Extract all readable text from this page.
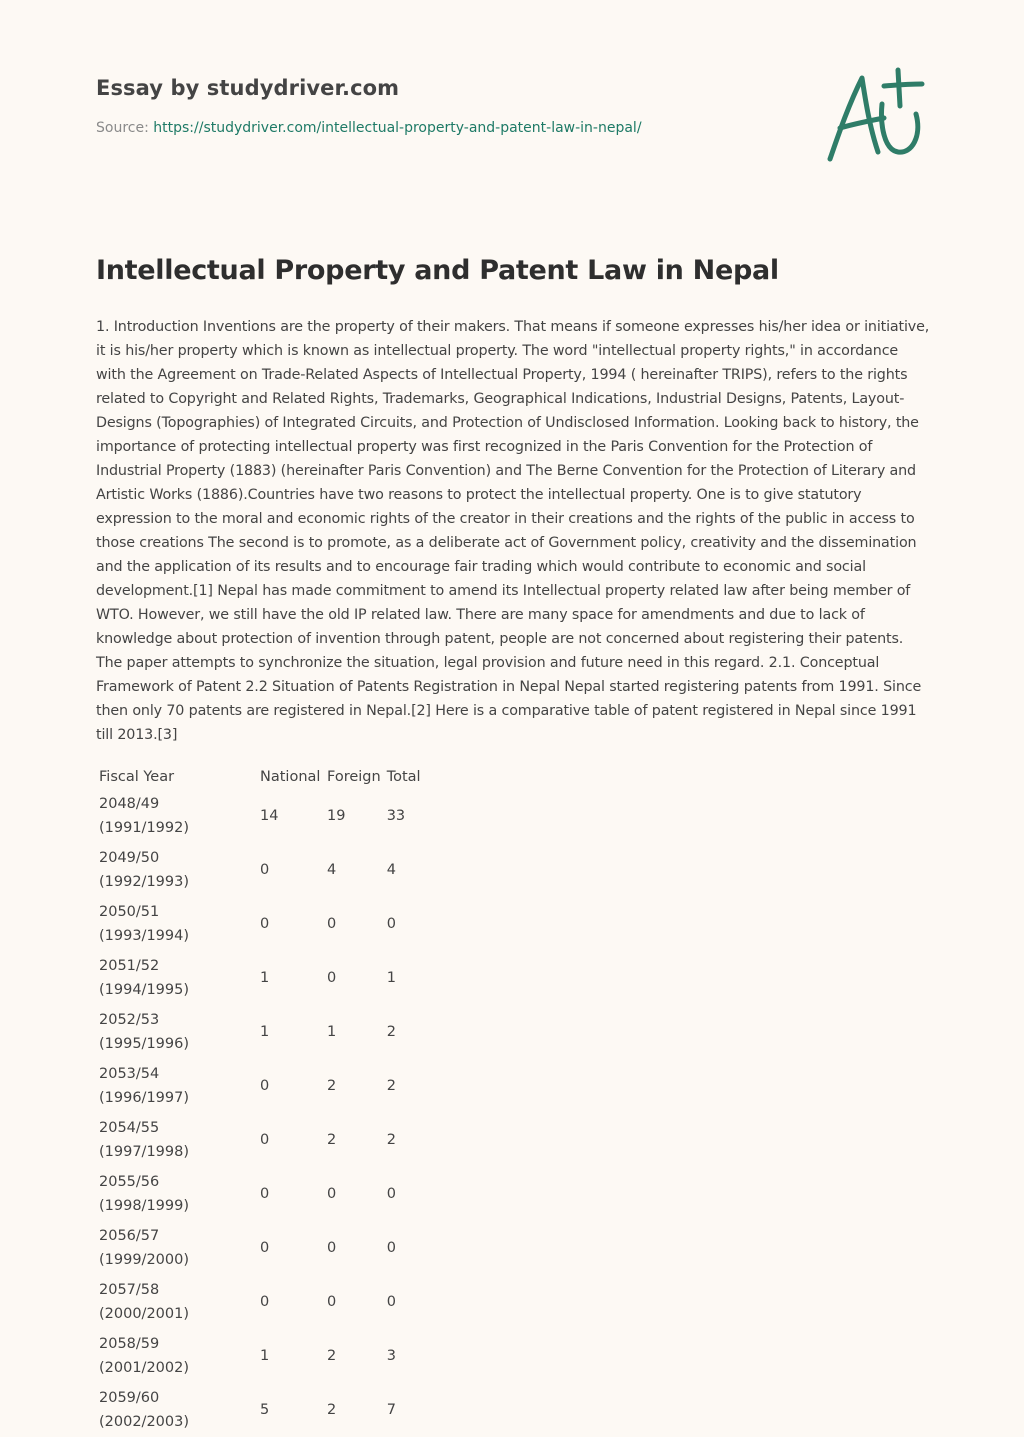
Essay by studydriver.com
Source: https://studydriver.com/intellectual-property-and-patent-law-in-nepal/
Intellectual Property and Patent Law in Nepal

1. Introduction Inventions are the property of their makers. That means if someone expresses his/her idea or initiative, it is his/her property which is known as intellectual property. The word "intellectual property rights," in accordance with the Agreement on Trade-Related Aspects of Intellectual Property, 1994 ( hereinafter TRIPS), refers to the rights related to Copyright and Related Rights, Trademarks, Geographical Indications, Industrial Designs, Patents, Layout-Designs (Topographies) of Integrated Circuits, and Protection of Undisclosed Information. Looking back to history, the importance of protecting intellectual property was first recognized in the Paris Convention for the Protection of Industrial Property (1883) (hereinafter Paris Convention) and The Berne Convention for the Protection of Literary and Artistic Works (1886).Countries have two reasons to protect the intellectual property. One is to give statutory expression to the moral and economic rights of the creator in their creations and the rights of the public in access to those creations The second is to promote, as a deliberate act of Government policy, creativity and the dissemination and the application of its results and to encourage fair trading which would contribute to economic and social development.[1] Nepal has made commitment to amend its Intellectual property related law after being member of WTO. However, we still have the old IP related law. There are many space for amendments and due to lack of knowledge about protection of invention through patent, people are not concerned about registering their patents. The paper attempts to synchronize the situation, legal provision and future need in this regard. 2.1. Conceptual Framework of Patent 2.2 Situation of Patents Registration in Nepal Nepal started registering patents from 1991. Since then only 70 patents are registered in Nepal.[2] Here is a comparative table of patent registered in Nepal since 1991 till 2013.[3]

Fiscal Year	National	Foreign	Total

2048/49
(1991/1992)	14	19	33

2049/50
(1992/1993)	0	4	4

2050/51
(1993/1994)	0	0	0

2051/52
(1994/1995)	1	0	1

2052/53
(1995/1996)	1	1	2

2053/54
(1996/1997)	0	2	2

2054/55
(1997/1998)	0	2	2

2055/56
(1998/1999)	0	0	0

2056/57
(1999/2000)	0	0	0

2057/58
(2000/2001)	0	0	0

2058/59
(2001/2002)	1	2	3

2059/60
(2002/2003)	5	2	7
